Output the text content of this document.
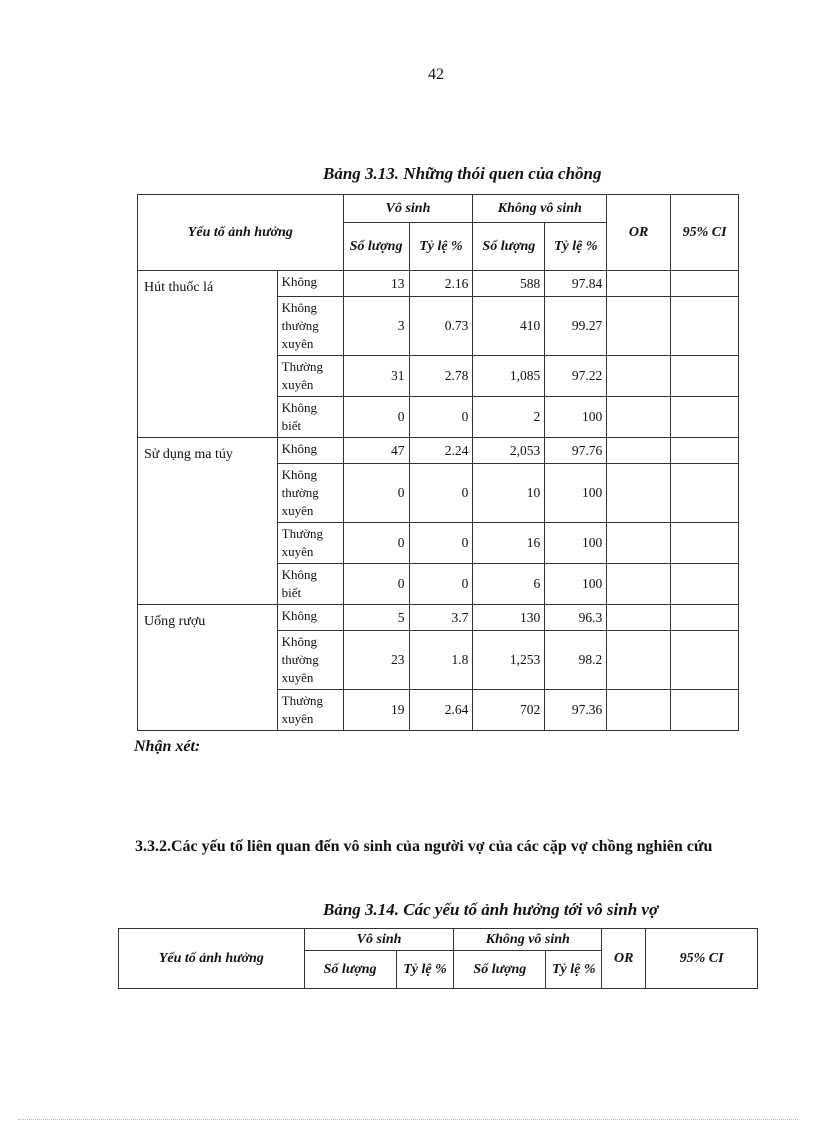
42
Bảng 3.13. Những thói quen của chồng
Yếu tố ảnh hưởng		Vô sinh		Không vô sinh		OR	95% CI
		Số lượng	Tỷ lệ %	Số lượng	Tỷ lệ %		
Hút thuốc lá	Không	13	2.16	588	97.84		
	Không thường xuyên	3	0.73	410	99.27		
	Thường xuyên	31	2.78	1,085	97.22		
	Không biết	0	0	2	100		
Sử dụng ma túy	Không	47	2.24	2,053	97.76		
	Không thường xuyên	0	0	10	100		
	Thường xuyên	0	0	16	100		
	Không biết	0	0	6	100		
Uống rượu	Không	5	3.7	130	96.3		
	Không thường xuyên	23	1.8	1,253	98.2		
	Thường xuyên	19	2.64	702	97.36		
Nhận xét:
3.3.2.Các yếu tố liên quan đến vô sinh của người vợ của các cặp vợ chồng nghiên cứu
Bảng 3.14. Các yếu tố ảnh hưởng tới vô sinh vợ
Yếu tố ảnh hưởng	Vô sinh		Không vô sinh		OR	95% CI
	Số lượng	Tỷ lệ %	Số lượng	Tỷ lệ %		
